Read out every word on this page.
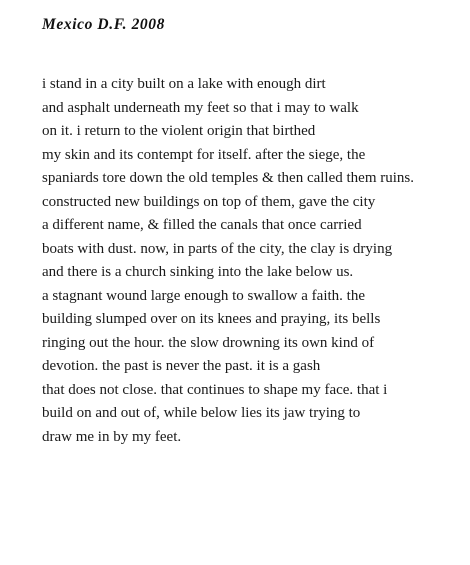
Mexico D.F. 2008
i stand in a city built on a lake with enough dirt
and asphalt underneath my feet so that i may to walk
on it. i return to the violent origin that birthed
my skin and its contempt for itself. after the siege, the
spaniards tore down the old temples & then called them ruins.
constructed new buildings on top of them, gave the city
a different name, & filled the canals that once carried
boats with dust. now, in parts of the city, the clay is drying
and there is a church sinking into the lake below us.
a stagnant wound large enough to swallow a faith. the
building slumped over on its knees and praying, its bells
ringing out the hour. the slow drowning its own kind of
devotion. the past is never the past. it is a gash
that does not close. that continues to shape my face. that i
build on and out of, while below lies its jaw trying to
draw me in by my feet.
